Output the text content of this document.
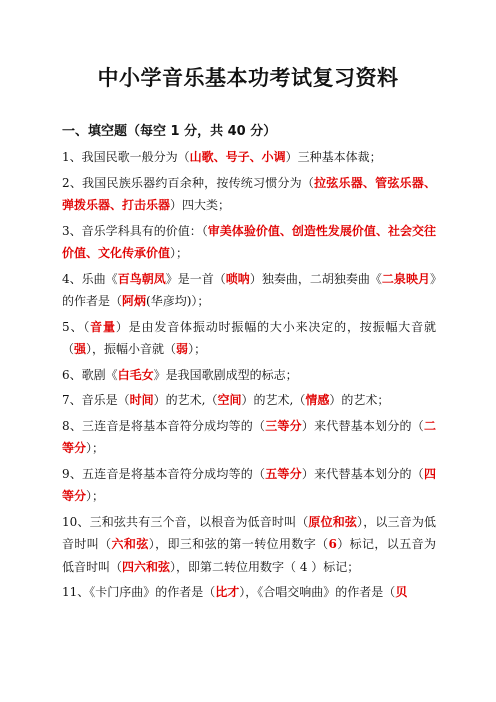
中小学音乐基本功考试复习资料
一、填空题（每空 1 分，共 40 分）

1、我国民歌一般分为（山歌、号子、小调）三种基本体裁；

2、我国民族乐器约百余种，按传统习惯分为（拉弦乐器、管弦乐器、弹拨乐器、打击乐器）四大类；

3、音乐学科具有的价值：（审美体验价值、创造性发展价值、社会交往价值、文化传承价值）；

4、乐曲《百鸟朝凤》是一首（唢呐）独奏曲，二胡独奏曲《二泉映月》的作者是（阿炳(华彦均)）；

5、（音量）是由发音体振动时振幅的大小来决定的，按振幅大音就（强），振幅小音就（弱）；

6、歌剧《白毛女》是我国歌剧成型的标志；

7、音乐是（时间）的艺术,（空间）的艺术,（情感）的艺术；

8、三连音是将基本音符分成均等的（三等分）来代替基本划分的（二等分）；

9、五连音是将基本音符分成均等的（五等分）来代替基本划分的（四等分）；

10、三和弦共有三个音，以根音为低音时叫（原位和弦），以三音为低音时叫（六和弦），即三和弦的第一转位用数字（6）标记，以五音为低音时叫（四六和弦），即第二转位用数字（ 4 ）标记；

11、《卡门序曲》的作者是（比才），《合唱交响曲》的作者是（贝
